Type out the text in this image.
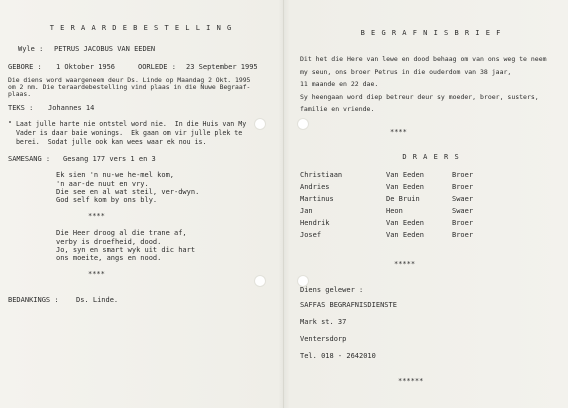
T E R A A R D E B E S T E L L I N G

Wyle :

PETRUS JACOBUS VAN EEDEN

GEBORE :

1 Oktober 1956

	OORLEDE :

23 September 1995

Die diens word waargeneem deur Ds. Linde op Maandag 2 Okt. 1995

om 2 nm. Die teraardebestelling vind plaas in die Nuwe Begraaf-

plaas.

TEKS :

Johannes 14

" Laat julle harte nie ontstel word nie.  In die Huis van My

Vader is daar baie wonings.  Ek gaan om vir julle plek te

berei.  Sodat julle ook kan wees waar ek nou is.

SAMESANG :

Gesang 177 vers 1 en 3

Ek sien 'n nu-we he-mel kom,

'n aar-de nuut en vry.

Die see en al wat steil, ver-dwyn.

God self kom by ons bly.

****

Die Heer droog al die trane af,

verby is droefheid, dood.

Jo, syn en smart wyk uit dic hart

ons moeite, angs en nood.

****

BEDANKINGS :

Ds. Linde.

B E G R A F N I S B R I E F

Dit het die Here van lewe en dood behaag om van ons weg te neem

my seun, ons broer Petrus in die ouderdom van 38 jaar,

11 maande en 22 dae.

Sy heengaan word diep betreur deur sy moeder, broer, susters,

familie en vriende.

****

D R A E R S

Christiaan

	Van Eeden

	Broer

Andries

	Van Eeden

	Broer

Martinus

	De Bruin

	Swaer

Jan

	Heon

	Swaer

Hendrik

	Van Eeden

	Broer

Josef

	Van Eeden

	Broer

*****

Diens gelewer :

SAFFAS BEGRAFNISDIENSTE

Mark st. 37

Ventersdorp

Tel. 018 - 2642010

******
